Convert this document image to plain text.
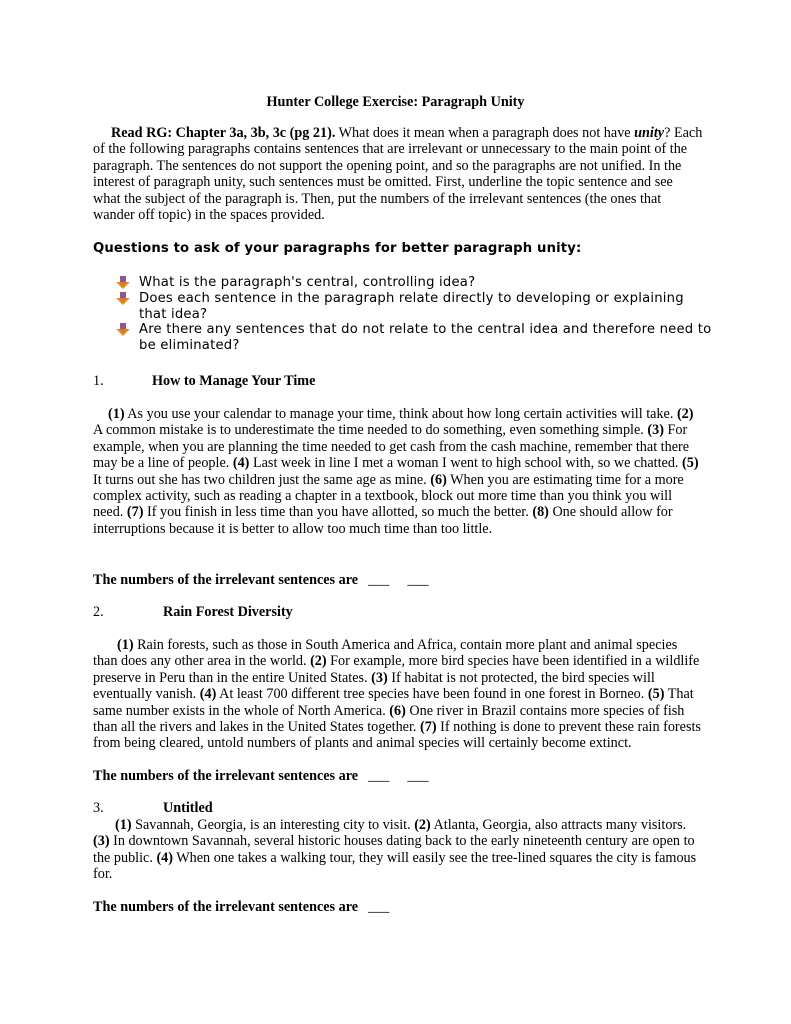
Hunter College Exercise: Paragraph Unity
Read RG: Chapter 3a, 3b, 3c (pg 21). What does it mean when a paragraph does not have unity? Each of the following paragraphs contains sentences that are irrelevant or unnecessary to the main point of the paragraph. The sentences do not support the opening point, and so the paragraphs are not unified. In the interest of paragraph unity, such sentences must be omitted. First, underline the topic sentence and see what the subject of the paragraph is. Then, put the numbers of the irrelevant sentences (the ones that wander off topic) in the spaces provided.
Questions to ask of your paragraphs for better paragraph unity:
What is the paragraph's central, controlling idea?
Does each sentence in the paragraph relate directly to developing or explaining that idea?
Are there any sentences that do not relate to the central idea and therefore need to be eliminated?
1.	How to Manage Your Time
(1) As you use your calendar to manage your time, think about how long certain activities will take. (2) A common mistake is to underestimate the time needed to do something, even something simple. (3) For example, when you are planning the time needed to get cash from the cash machine, remember that there may be a line of people. (4) Last week in line I met a woman I went to high school with, so we chatted. (5) It turns out she has two children just the same age as mine. (6) When you are estimating time for a more complex activity, such as reading a chapter in a textbook, block out more time than you think you will need. (7) If you finish in less time than you have allotted, so much the better. (8) One should allow for interruptions because it is better to allow too much time than too little.
The numbers of the irrelevant sentences are ___ ___
2.	Rain Forest Diversity
(1) Rain forests, such as those in South America and Africa, contain more plant and animal species than does any other area in the world. (2) For example, more bird species have been identified in a wildlife preserve in Peru than in the entire United States. (3) If habitat is not protected, the bird species will eventually vanish. (4) At least 700 different tree species have been found in one forest in Borneo. (5) That same number exists in the whole of North America. (6) One river in Brazil contains more species of fish than all the rivers and lakes in the United States together. (7) If nothing is done to prevent these rain forests from being cleared, untold numbers of plants and animal species will certainly become extinct.
The numbers of the irrelevant sentences are ___ ___
3.	Untitled
(1) Savannah, Georgia, is an interesting city to visit. (2) Atlanta, Georgia, also attracts many visitors. (3) In downtown Savannah, several historic houses dating back to the early nineteenth century are open to the public. (4) When one takes a walking tour, they will easily see the tree-lined squares the city is famous for.
The numbers of the irrelevant sentences are ___
